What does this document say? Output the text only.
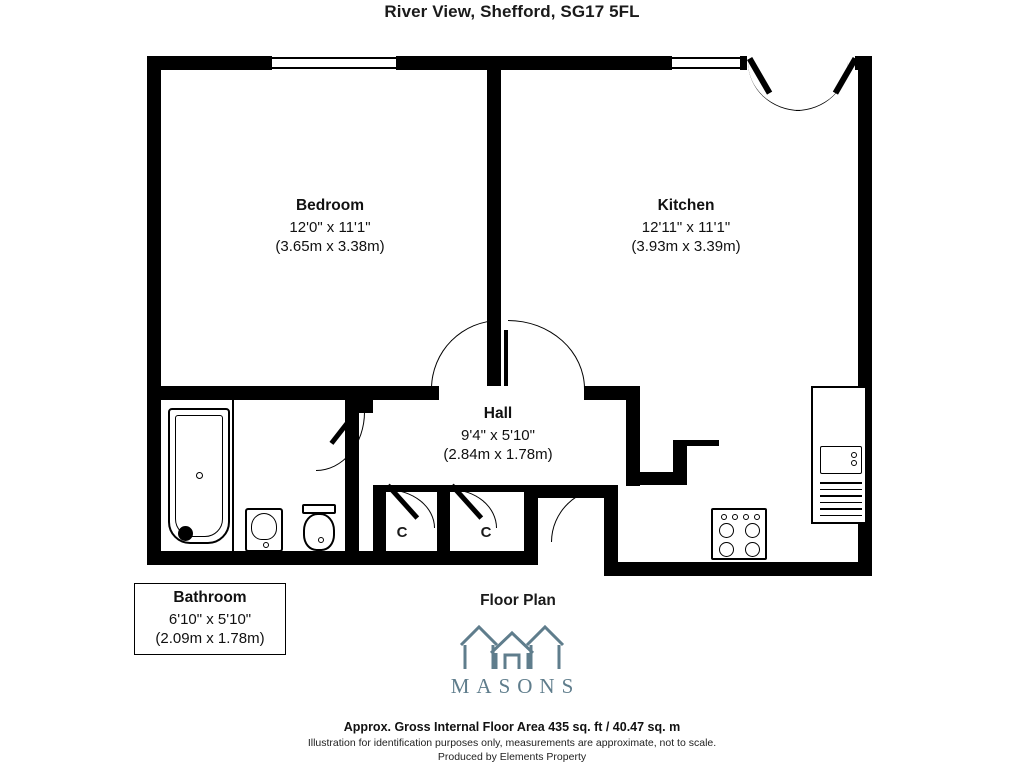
River View, Shefford, SG17 5FL
Bedroom
12'0" x 11'1"
(3.65m x 3.38m)
Kitchen
12'11" x 11'1"
(3.93m x 3.39m)
Hall
9'4" x 5'10"
(2.84m x 1.78m)
Bathroom
6'10" x 5'10"
(2.09m x 1.78m)
C	C
Floor Plan
MASONS
Approx. Gross Internal Floor Area 435 sq. ft / 40.47 sq. m
Illustration for identification purposes only, measurements are approximate, not to scale.
Produced by Elements Property
